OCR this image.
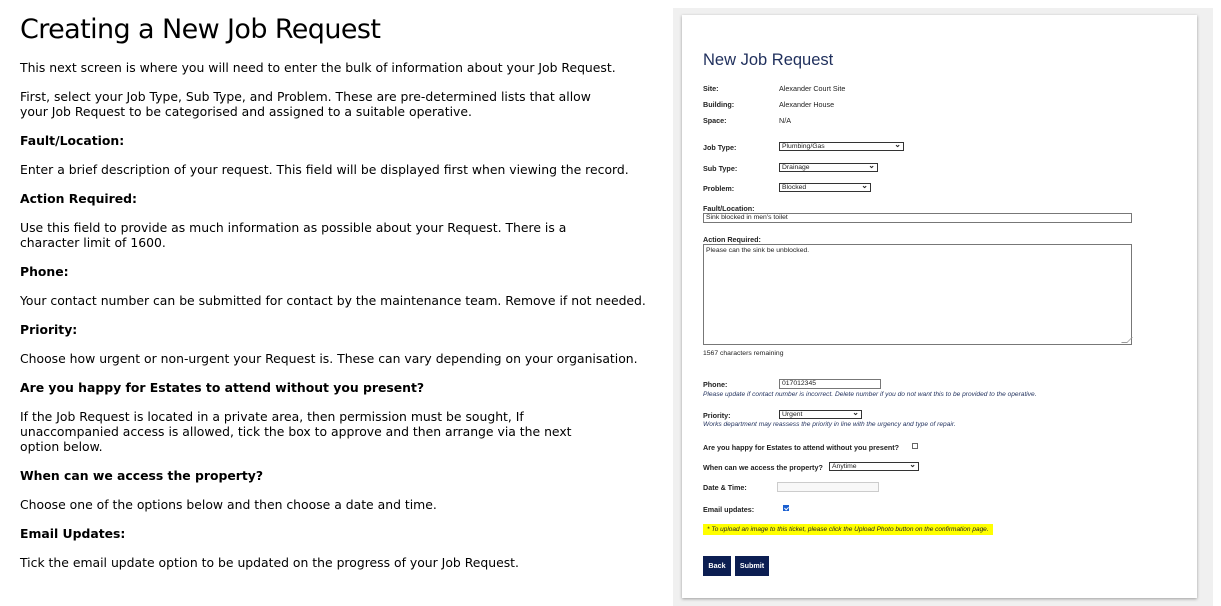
Creating a New Job Request

This next screen is where you will need to enter the bulk of information about your Job Request.

First, select your Job Type, Sub Type, and Problem. These are pre-determined lists that allow your Job Request to be categorised and assigned to a suitable operative.

Fault/Location:

Enter a brief description of your request. This field will be displayed first when viewing the record.

Action Required:

Use this field to provide as much information as possible about your Request. There is a character limit of 1600.

Phone:

Your contact number can be submitted for contact by the maintenance team. Remove if not needed.

Priority:

Choose how urgent or non-urgent your Request is. These can vary depending on your organisation.

Are you happy for Estates to attend without you present?

If the Job Request is located in a private area, then permission must be sought, If unaccompanied access is allowed, tick the box to approve and then arrange via the next option below.

When can we access the property?

Choose one of the options below and then choose a date and time.

Email Updates:

Tick the email update option to be updated on the progress of your Job Request.

New Job Request
Site:	Alexander Court Site
Building:	Alexander House
Space:	N/A
Job Type:	Plumbing/Gas	⌄
Sub Type:	Drainage	⌄
Problem:	Blocked	⌄
Fault/Location:
Sink blocked in men's toilet
Action Required:
Please can the sink be unblocked.
1567 characters remaining
Phone:	017012345
Please update if contact number is incorrect. Delete number if you do not want this to be provided to the operative.
Priority:	Urgent	⌄
Works department may reassess the priority in line with the urgency and type of repair.
Are you happy for Estates to attend without you present?
When can we access the property?	Anytime	⌄
Date & Time:
Email updates:
* To upload an image to this ticket, please click the Upload Photo button on the confirmation page.
Back	Submit
